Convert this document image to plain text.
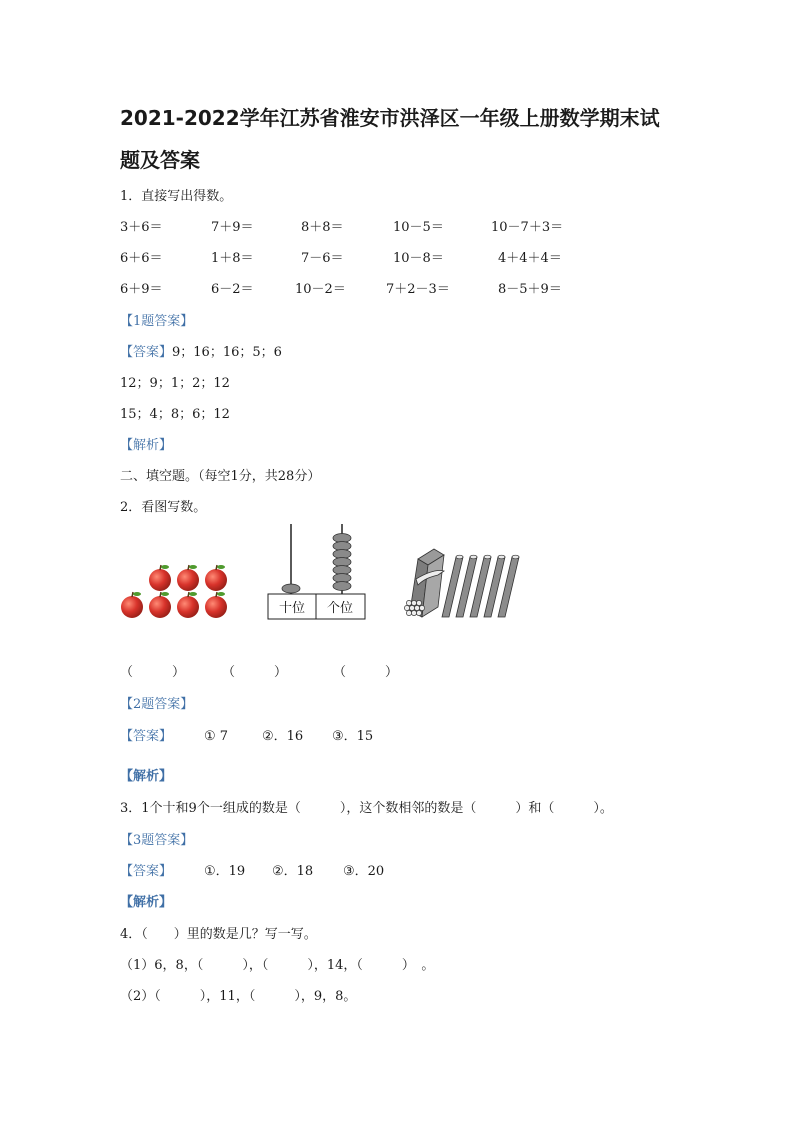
2021-2022学年江苏省淮安市洪泽区一年级上册数学期末试
题及答案
1．直接写出得数。
3＋6＝	7＋9＝	8＋8＝	10－5＝	10－7＋3＝
6＋6＝	1＋8＝	7－6＝	10－8＝	4＋4＋4＝
6＋9＝	6－2＝	10－2＝	7＋2－3＝	8－5＋9＝
【1题答案】
【答案】9；16；16；5；6
12；9；1；2；12
15；4；8；6；12
【解析】
二、填空题。（每空1分，共28分）
2．看图写数。
十位 个位
（　　　）	（　　　）	（　　　）
【2题答案】
【答案】 ① 7	②．16 ③．15
【解析】
3．1个十和9个一组成的数是（　　　），这个数相邻的数是（　　　）和（　　　）。
【3题答案】
【答案】 ①．19 ②．18 ③．20
【解析】
4．（　　）里的数是几？写一写。
（1）6，8，（　　　），（　　　），14，（　　　）　。
（2）（　　　），11，（　　　），9，8。
